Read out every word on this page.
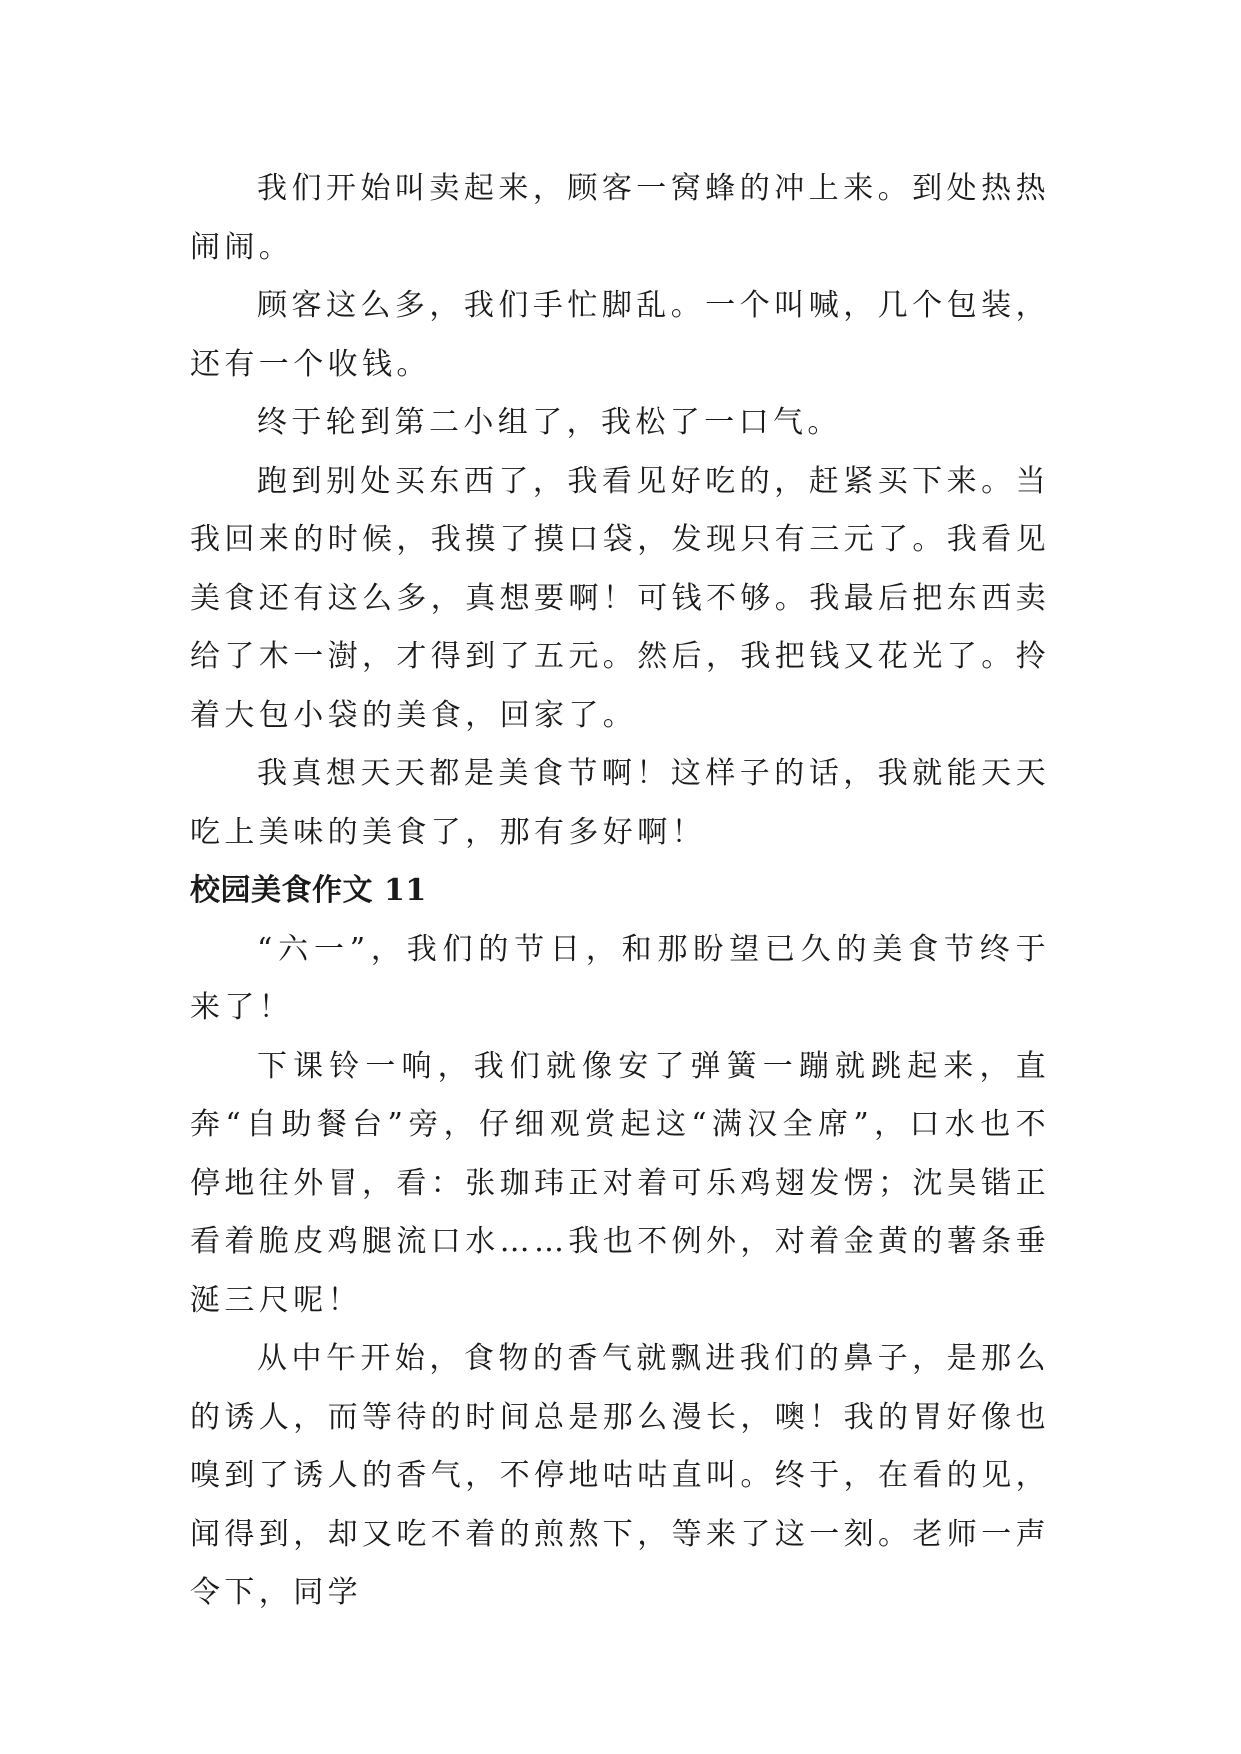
我们开始叫卖起来，顾客一窝蜂的冲上来。到处热热闹闹。

顾客这么多，我们手忙脚乱。一个叫喊，几个包装，还有一个收钱。

终于轮到第二小组了，我松了一口气。

跑到别处买东西了，我看见好吃的，赶紧买下来。当我回来的时候，我摸了摸口袋，发现只有三元了。我看见美食还有这么多，真想要啊！可钱不够。我最后把东西卖给了木一澍，才得到了五元。然后，我把钱又花光了。拎着大包小袋的美食，回家了。

我真想天天都是美食节啊！这样子的话，我就能天天吃上美味的美食了，那有多好啊！

校园美食作文 11

“六一”，我们的节日，和那盼望已久的美食节终于来了！

下课铃一响，我们就像安了弹簧一蹦就跳起来，直奔“自助餐台”旁，仔细观赏起这“满汉全席”，口水也不停地往外冒，看：张珈玮正对着可乐鸡翅发愣；沈昊锴正看着脆皮鸡腿流口水……我也不例外，对着金黄的薯条垂涎三尺呢！

从中午开始，食物的香气就飘进我们的鼻子，是那么的诱人，而等待的时间总是那么漫长，噢！我的胃好像也嗅到了诱人的香气，不停地咕咕直叫。终于，在看的见，闻得到，却又吃不着的煎熬下，等来了这一刻。老师一声令下，同学
